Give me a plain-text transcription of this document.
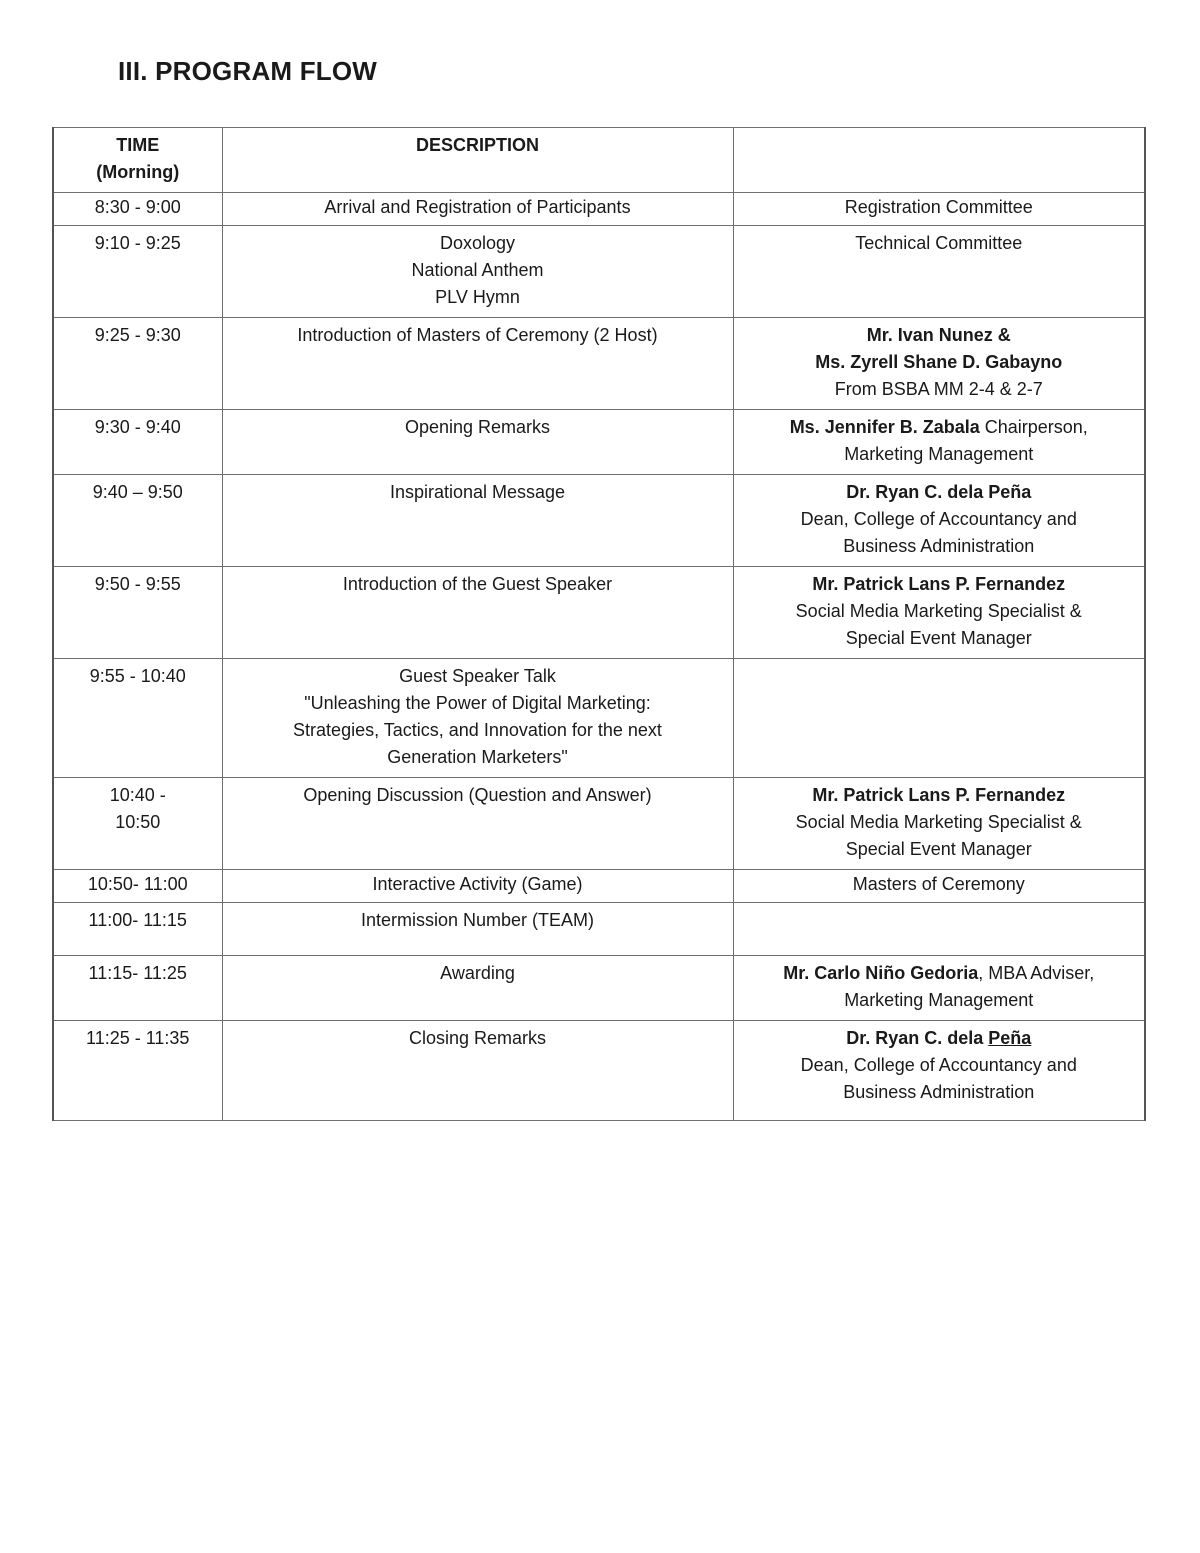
III. PROGRAM FLOW
TIME
(Morning)	DESCRIPTION	
8:30 - 9:00	Arrival and Registration of Participants	Registration Committee

9:10 - 9:25	Doxology
National Anthem
PLV Hymn	Technical Committee

9:25 - 9:30	Introduction of Masters of Ceremony (2 Host)	Mr. Ivan Nunez &
Ms. Zyrell Shane D. Gabayno
From BSBA MM 2-4 & 2-7

9:30 - 9:40	Opening Remarks	Ms. Jennifer B. Zabala Chairperson,
Marketing Management

9:40 – 9:50	Inspirational Message	Dr. Ryan C. dela Peña
Dean, College of Accountancy and
Business Administration

9:50 - 9:55	Introduction of the Guest Speaker	Mr. Patrick Lans P. Fernandez
Social Media Marketing Specialist &
Special Event Manager

9:55 - 10:40	Guest Speaker Talk
"Unleashing the Power of Digital Marketing:
Strategies, Tactics, and Innovation for the next
Generation Marketers"	

10:40 -
10:50	Opening Discussion (Question and Answer)	Mr. Patrick Lans P. Fernandez
Social Media Marketing Specialist &
Special Event Manager

10:50- 11:00	Interactive Activity (Game)	Masters of Ceremony

11:00- 11:15	Intermission Number (TEAM)	

11:15- 11:25	Awarding	Mr. Carlo Niño Gedoria, MBA Adviser,
Marketing Management

11:25 - 11:35	Closing Remarks	Dr. Ryan C. dela Peña
Dean, College of Accountancy and
Business Administration
